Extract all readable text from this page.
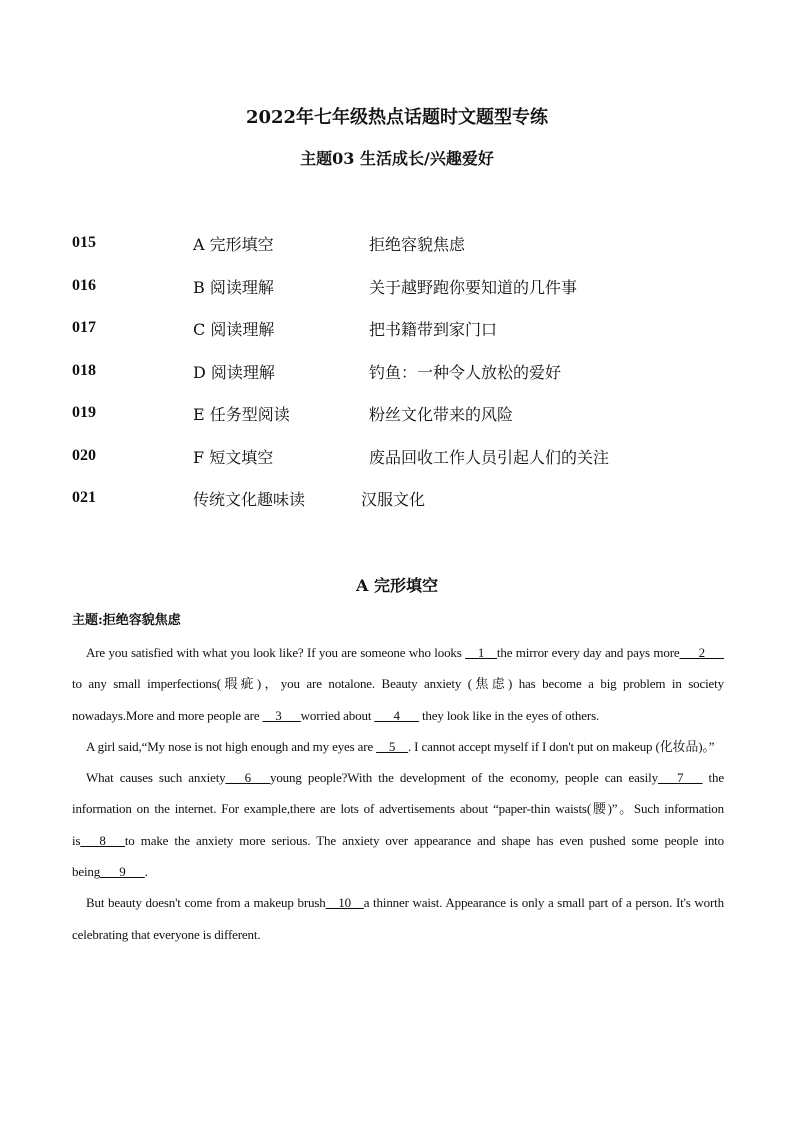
2022年七年级热点话题时文题型专练
主题03 生活成长/兴趣爱好
015	A 完形填空	拒绝容貌焦虑
016	B 阅读理解	关于越野跑你要知道的几件事
017	C 阅读理解	把书籍带到家门口
018	D 阅读理解	钓鱼：一种令人放松的爱好
019	E 任务型阅读	粉丝文化带来的风险
020	F 短文填空	废品回收工作人员引起人们的关注
021	传统文化趣味读	汉服文化
A 完形填空
主题:拒绝容貌焦虑

Are you satisfied with what you look like? If you are someone who looks __1__the mirror every day and pays more___2___ to any small imperfections(瑕疵)，you are notalone. Beauty anxiety (焦虑) has become a big problem in society nowadays.More and more people are __3___worried about ___4___ they look like in the eyes of others.

A girl said,“My nose is not high enough and my eyes are __5__. I cannot accept myself if I don't put on makeup (化妆品)。”

What causes such anxiety___6___young people?With the development of the economy, people can easily___7___ the information on the internet. For example,there are lots of advertisements about “paper-thin waists(腰)”。Such information is___8___to make the anxiety more serious. The anxiety over appearance and shape has even pushed some people into being___9___.

But beauty doesn't come from a makeup brush__10__a thinner waist. Appearance is only a small part of a person. It's worth celebrating that everyone is different.
